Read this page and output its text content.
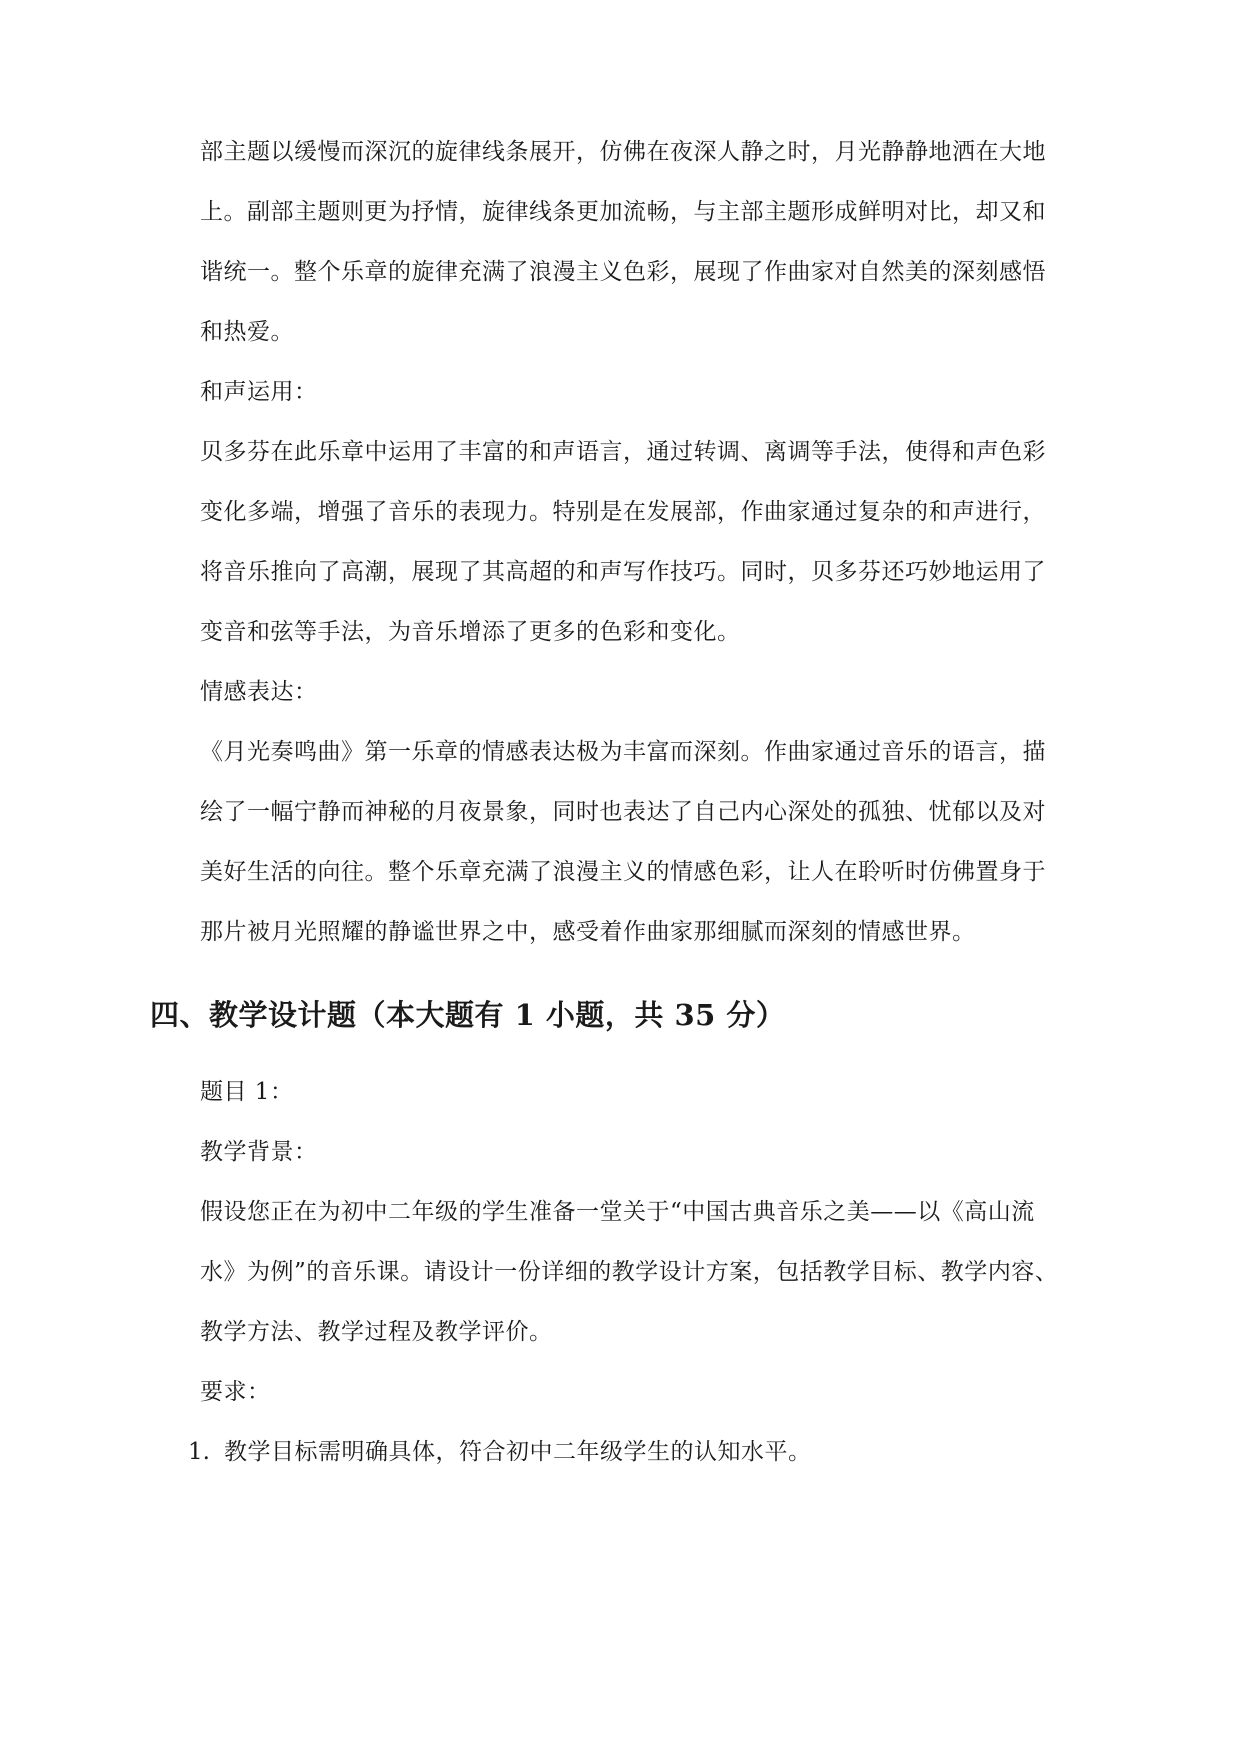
部主题以缓慢而深沉的旋律线条展开，仿佛在夜深人静之时，月光静静地洒在大地
上。副部主题则更为抒情，旋律线条更加流畅，与主部主题形成鲜明对比，却又和
谐统一。整个乐章的旋律充满了浪漫主义色彩，展现了作曲家对自然美的深刻感悟
和热爱。
和声运用：
贝多芬在此乐章中运用了丰富的和声语言，通过转调、离调等手法，使得和声色彩
变化多端，增强了音乐的表现力。特别是在发展部，作曲家通过复杂的和声进行，
将音乐推向了高潮，展现了其高超的和声写作技巧。同时，贝多芬还巧妙地运用了
变音和弦等手法，为音乐增添了更多的色彩和变化。
情感表达：
《月光奏鸣曲》第一乐章的情感表达极为丰富而深刻。作曲家通过音乐的语言，描
绘了一幅宁静而神秘的月夜景象，同时也表达了自己内心深处的孤独、忧郁以及对
美好生活的向往。整个乐章充满了浪漫主义的情感色彩，让人在聆听时仿佛置身于
那片被月光照耀的静谧世界之中，感受着作曲家那细腻而深刻的情感世界。
四、教学设计题（本大题有 1 小题，共 35 分）
题目 1：
教学背景：
假设您正在为初中二年级的学生准备一堂关于“中国古典音乐之美——以《高山流
水》为例”的音乐课。请设计一份详细的教学设计方案，包括教学目标、教学内容、
教学方法、教学过程及教学评价。
要求：
1. 教学目标需明确具体，符合初中二年级学生的认知水平。
